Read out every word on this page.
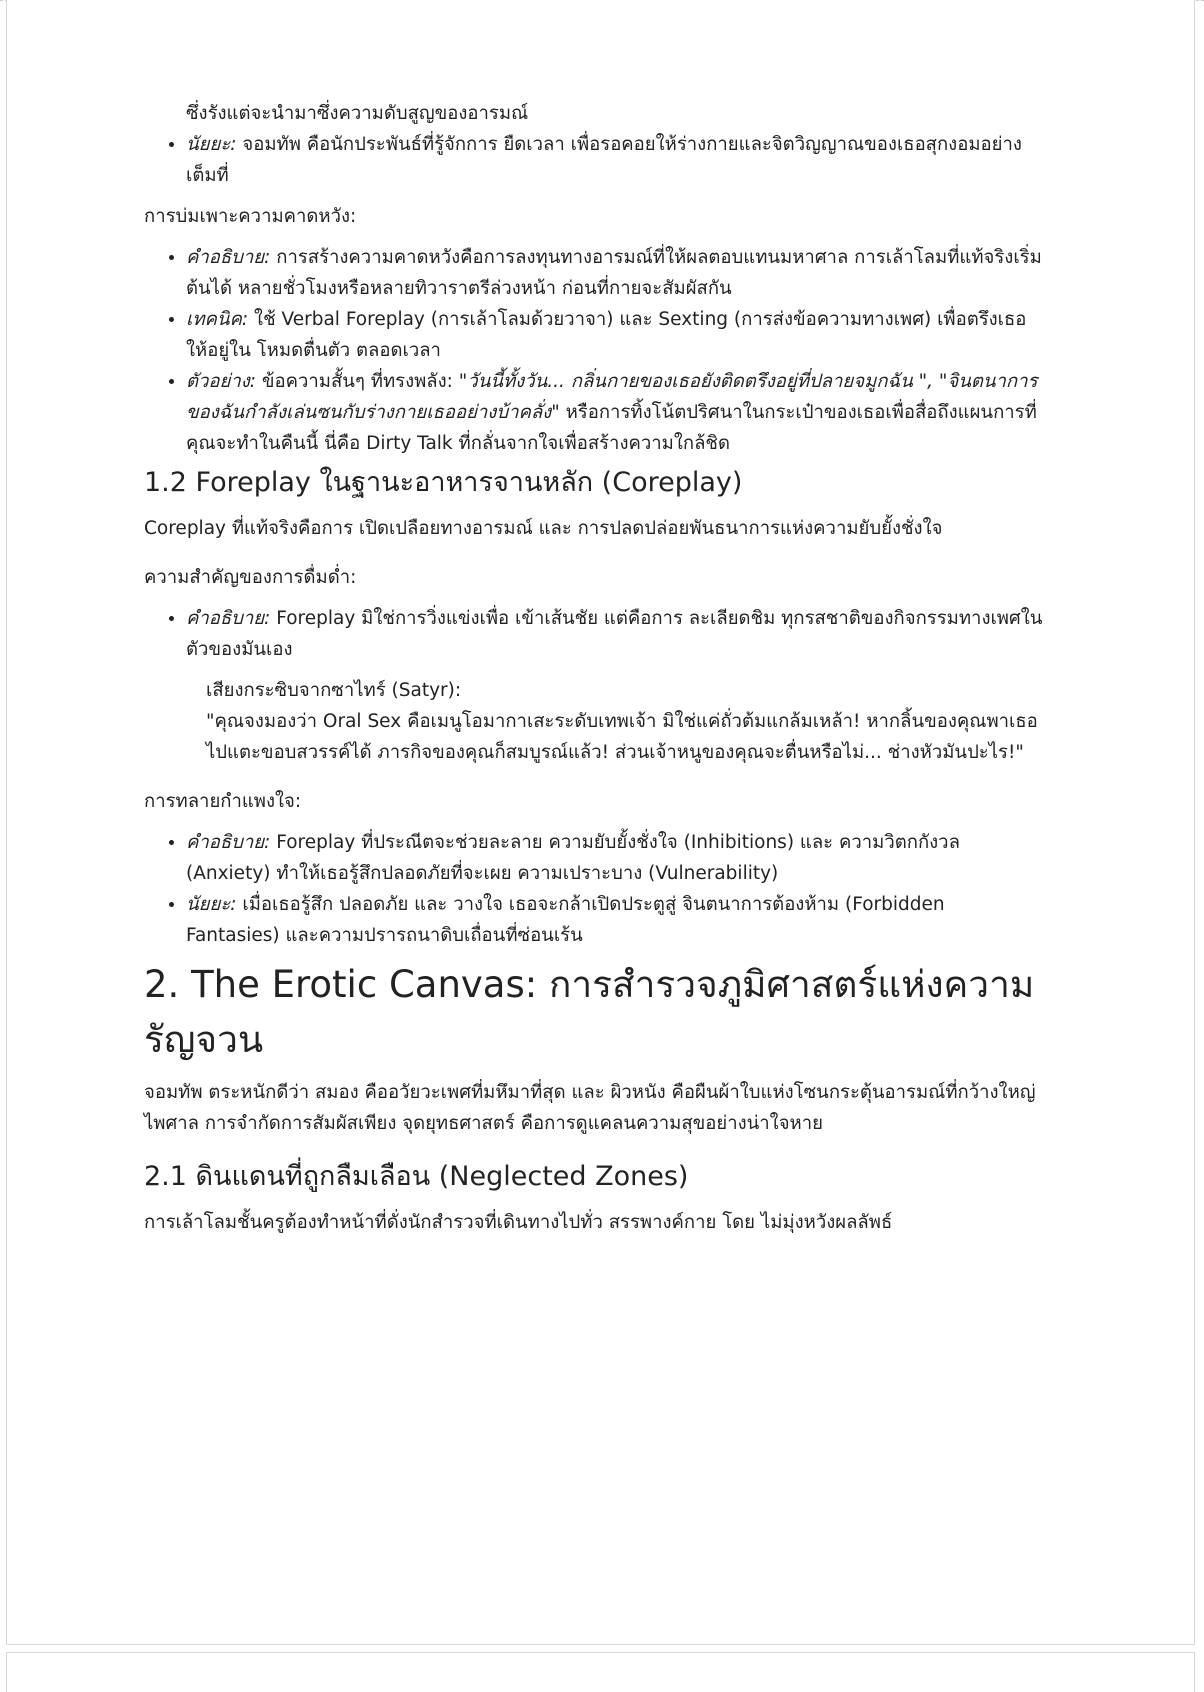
ซึ่งรังแต่จะนำมาซึ่งความดับสูญของอารมณ์

• นัยยะ: จอมทัพ คือนักประพันธ์ที่รู้จักการ ยืดเวลา เพื่อรอคอยให้ร่างกายและจิตวิญญาณของเธอสุกงอมอย่างเต็มที่

การบ่มเพาะความคาดหวัง:

• คำอธิบาย: การสร้างความคาดหวังคือการลงทุนทางอารมณ์ที่ให้ผลตอบแทนมหาศาล การเล้าโลมที่แท้จริงเริ่มต้นได้ หลายชั่วโมงหรือหลายทิวาราตรีล่วงหน้า ก่อนที่กายจะสัมผัสกัน
• เทคนิค: ใช้ Verbal Foreplay (การเล้าโลมด้วยวาจา) และ Sexting (การส่งข้อความทางเพศ) เพื่อตรึงเธอให้อยู่ใน โหมดตื่นตัว ตลอดเวลา
• ตัวอย่าง: ข้อความสั้นๆ ที่ทรงพลัง: "วันนี้ทั้งวัน... กลิ่นกายของเธอยังติดตรึงอยู่ที่ปลายจมูกฉัน ", "จินตนาการของฉันกำลังเล่นซนกับร่างกายเธออย่างบ้าคลั่ง" หรือการทิ้งโน้ตปริศนาในกระเป๋าของเธอเพื่อสื่อถึงแผนการที่คุณจะทำในคืนนี้ นี่คือ Dirty Talk ที่กลั่นจากใจเพื่อสร้างความใกล้ชิด
1.2 Foreplay ในฐานะอาหารจานหลัก (Coreplay)

Coreplay ที่แท้จริงคือการ เปิดเปลือยทางอารมณ์ และ การปลดปล่อยพันธนาการแห่งความยับยั้งชั่งใจ

ความสำคัญของการดื่มด่ำ:

• คำอธิบาย: Foreplay มิใช่การวิ่งแข่งเพื่อ เข้าเส้นชัย แต่คือการ ละเลียดชิม ทุกรสชาติของกิจกรรมทางเพศในตัวของมันเอง
เสียงกระซิบจากซาไทร์ (Satyr):
"คุณจงมองว่า Oral Sex คือเมนูโอมากาเสะระดับเทพเจ้า มิใช่แค่ถั่วต้มแกล้มเหล้า! หากลิ้นของคุณพาเธอไปแตะขอบสวรรค์ได้ ภารกิจของคุณก็สมบูรณ์แล้ว! ส่วนเจ้าหนูของคุณจะตื่นหรือไม่... ช่างหัวมันปะไร!"

การทลายกำแพงใจ:

• คำอธิบาย: Foreplay ที่ประณีตจะช่วยละลาย ความยับยั้งชั่งใจ (Inhibitions) และ ความวิตกกังวล (Anxiety) ทำให้เธอรู้สึกปลอดภัยที่จะเผย ความเปราะบาง (Vulnerability)
• นัยยะ: เมื่อเธอรู้สึก ปลอดภัย และ วางใจ เธอจะกล้าเปิดประตูสู่ จินตนาการต้องห้าม (Forbidden Fantasies) และความปรารถนาดิบเถื่อนที่ซ่อนเร้น
2. The Erotic Canvas: การสำรวจภูมิศาสตร์แห่งความรัญจวน

จอมทัพ ตระหนักดีว่า สมอง คืออวัยวะเพศที่มหึมาที่สุด และ ผิวหนัง คือผืนผ้าใบแห่งโซนกระตุ้นอารมณ์ที่กว้างใหญ่ไพศาล การจำกัดการสัมผัสเพียง จุดยุทธศาสตร์ คือการดูแคลนความสุขอย่างน่าใจหาย

2.1 ดินแดนที่ถูกลืมเลือน (Neglected Zones)

การเล้าโลมชั้นครูต้องทำหน้าที่ดั่งนักสำรวจที่เดินทางไปทั่ว สรรพางค์กาย โดย ไม่มุ่งหวังผลลัพธ์
